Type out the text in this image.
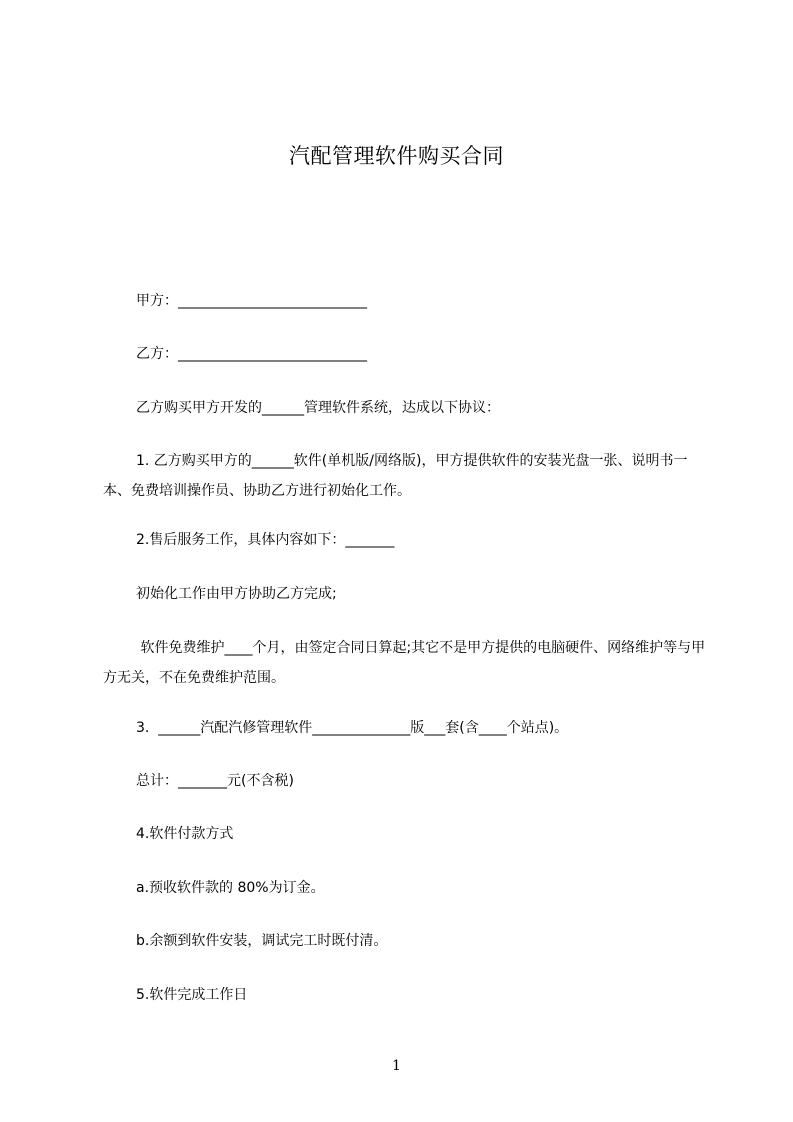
汽配管理软件购买合同
甲方：___________________________
乙方：___________________________
乙方购买甲方开发的______管理软件系统，达成以下协议：
1. 乙方购买甲方的______软件(单机版/网络版)，甲方提供软件的安装光盘一张、说明书一本、免费培训操作员、协助乙方进行初始化工作。
2.售后服务工作，具体内容如下：_______
初始化工作由甲方协助乙方完成;
软件免费维护____个月，由签定合同日算起;其它不是甲方提供的电脑硬件、网络维护等与甲方无关，不在免费维护范围。
3.  ______汽配汽修管理软件______________版___套(含____个站点)。
总计：_______元(不含税)
4.软件付款方式
a.预收软件款的 80%为订金。
b.余额到软件安装，调试完工时既付清。
5.软件完成工作日
1
